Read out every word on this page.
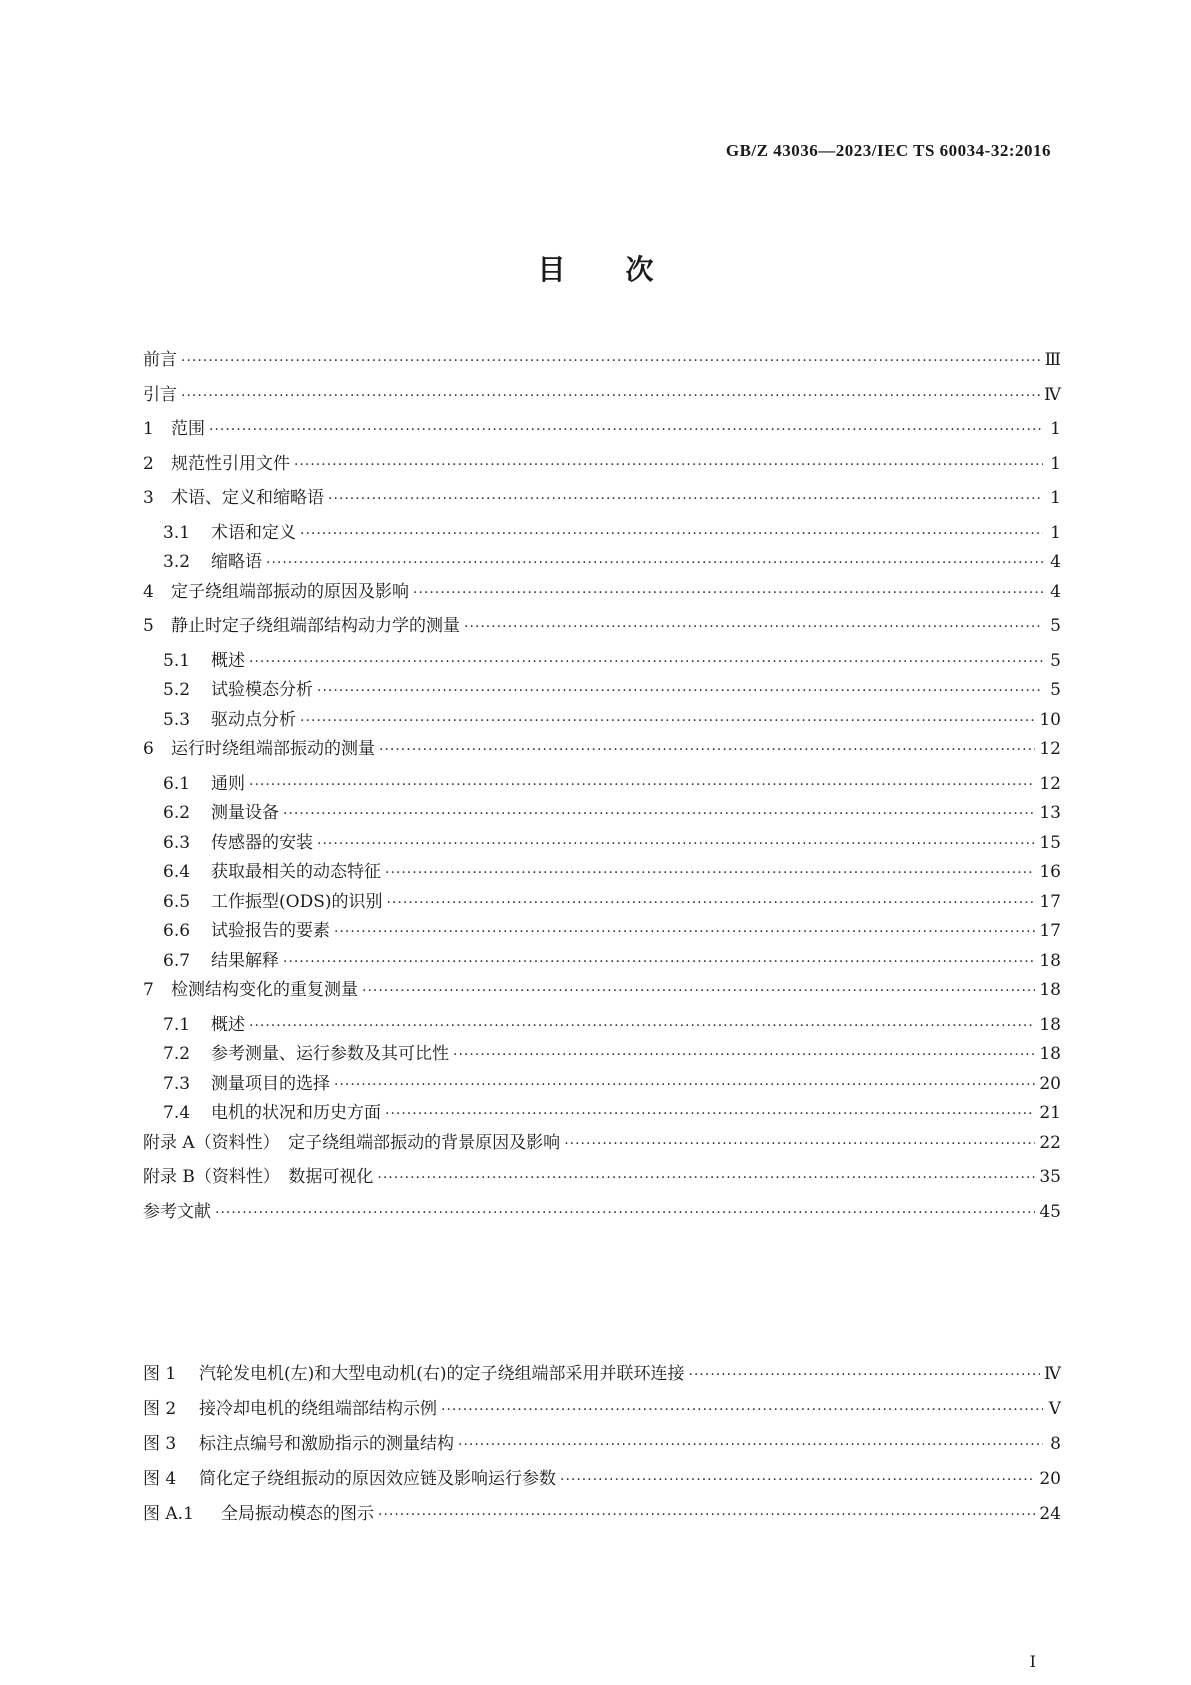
GB/Z 43036—2023/IEC TS 60034-32:2016
目次
前言 ·····	Ⅲ
引言 ·····	Ⅳ
1	范围 ·····	1
2	规范性引用文件 ·····	1
3	术语、定义和缩略语 ·····	1
3.1	术语和定义 ·····	1
3.2	缩略语 ·····	4
4	定子绕组端部振动的原因及影响 ·····	4
5	静止时定子绕组端部结构动力学的测量 ·····	5
5.1	概述 ·····	5
5.2	试验模态分析 ·····	5
5.3	驱动点分析 ·····	10
6	运行时绕组端部振动的测量 ·····	12
6.1	通则 ·····	12
6.2	测量设备 ·····	13
6.3	传感器的安装 ·····	15
6.4	获取最相关的动态特征 ·····	16
6.5	工作振型(ODS)的识别 ·····	17
6.6	试验报告的要素 ·····	17
6.7	结果解释 ·····	18
7	检测结构变化的重复测量 ·····	18
7.1	概述 ·····	18
7.2	参考测量、运行参数及其可比性 ·····	18
7.3	测量项目的选择 ·····	20
7.4	电机的状况和历史方面 ·····	21
附录 A（资料性）　定子绕组端部振动的背景原因及影响 ·····	22
附录 B（资料性）　数据可视化 ·····	35
参考文献 ·····	45
图 1	汽轮发电机(左)和大型电动机(右)的定子绕组端部采用并联环连接 ·····	Ⅳ
图 2	接冷却电机的绕组端部结构示例 ·····	Ⅴ
图 3	标注点编号和激励指示的测量结构 ·····	8
图 4	简化定子绕组振动的原因效应链及影响运行参数 ·····	20
图 A.1	全局振动模态的图示 ·····	24
I
